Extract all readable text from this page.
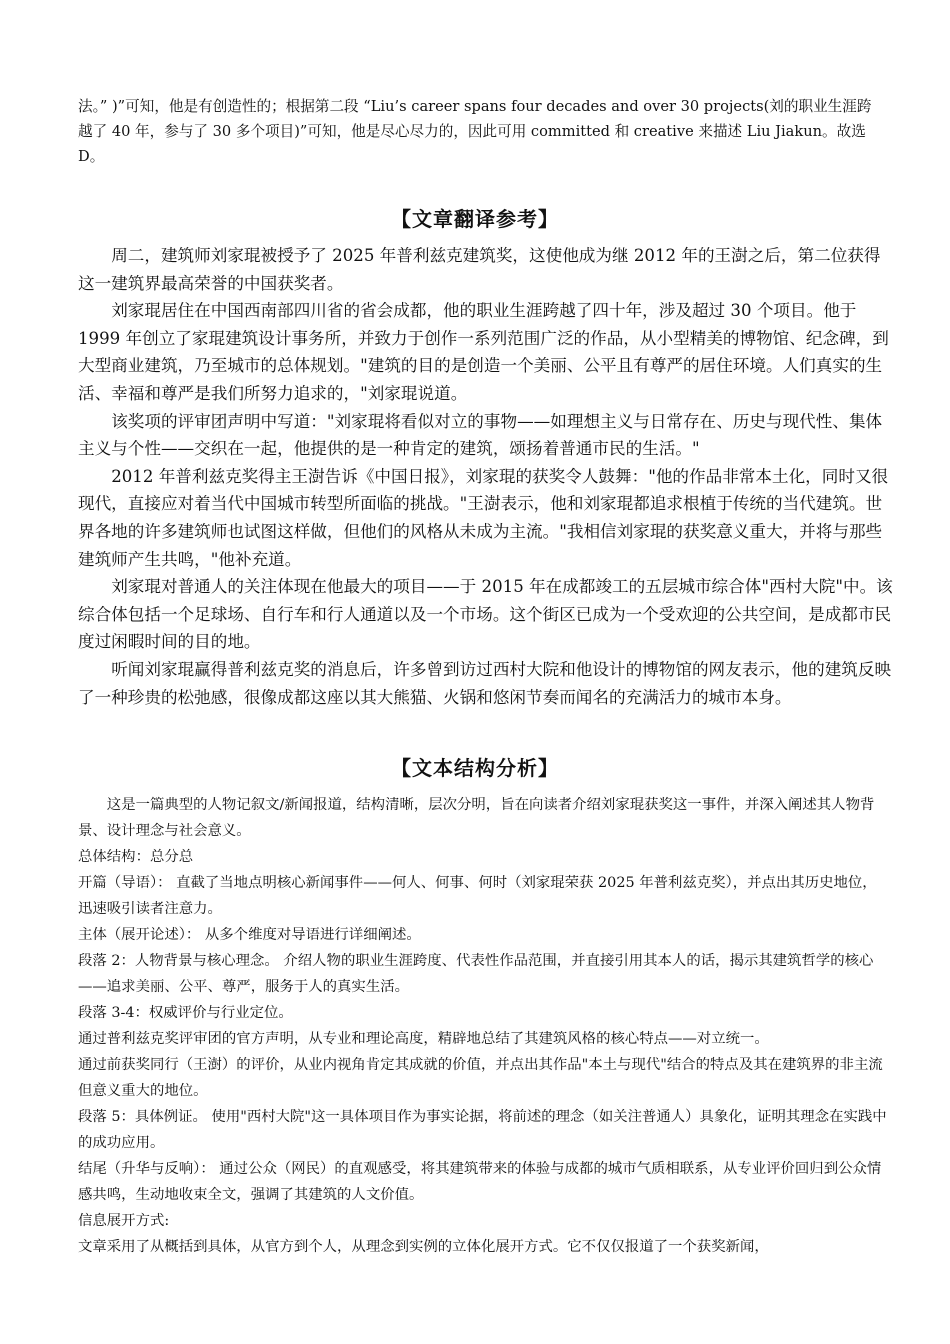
法。” )”可知，他是有创造性的；根据第二段 “Liu’s career spans four decades and over 30 projects(刘的职业生涯跨越了 40 年，参与了 30 多个项目)”可知，他是尽心尽力的，因此可用 committed 和 creative 来描述 Liu Jiakun。故选 D。
【文章翻译参考】

周二，建筑师刘家琨被授予了 2025 年普利兹克建筑奖，这使他成为继 2012 年的王澍之后，第二位获得这一建筑界最高荣誉的中国获奖者。

刘家琨居住在中国西南部四川省的省会成都，他的职业生涯跨越了四十年，涉及超过 30 个项目。他于 1999 年创立了家琨建筑设计事务所，并致力于创作一系列范围广泛的作品，从小型精美的博物馆、纪念碑，到大型商业建筑，乃至城市的总体规划。"建筑的目的是创造一个美丽、公平且有尊严的居住环境。人们真实的生活、幸福和尊严是我们所努力追求的，"刘家琨说道。

该奖项的评审团声明中写道："刘家琨将看似对立的事物——如理想主义与日常存在、历史与现代性、集体主义与个性——交织在一起，他提供的是一种肯定的建筑，颂扬着普通市民的生活。"

2012 年普利兹克奖得主王澍告诉《中国日报》，刘家琨的获奖令人鼓舞："他的作品非常本土化，同时又很现代，直接应对着当代中国城市转型所面临的挑战。"王澍表示，他和刘家琨都追求根植于传统的当代建筑。世界各地的许多建筑师也试图这样做，但他们的风格从未成为主流。"我相信刘家琨的获奖意义重大，并将与那些建筑师产生共鸣，"他补充道。

刘家琨对普通人的关注体现在他最大的项目——于 2015 年在成都竣工的五层城市综合体"西村大院"中。该综合体包括一个足球场、自行车和行人通道以及一个市场。这个街区已成为一个受欢迎的公共空间，是成都市民度过闲暇时间的目的地。

听闻刘家琨赢得普利兹克奖的消息后，许多曾到访过西村大院和他设计的博物馆的网友表示，他的建筑反映了一种珍贵的松弛感，很像成都这座以其大熊猫、火锅和悠闲节奏而闻名的充满活力的城市本身。

【文本结构分析】

这是一篇典型的人物记叙文/新闻报道，结构清晰，层次分明，旨在向读者介绍刘家琨获奖这一事件，并深入阐述其人物背景、设计理念与社会意义。

总体结构：总分总

开篇（导语）： 直截了当地点明核心新闻事件——何人、何事、何时（刘家琨荣获 2025 年普利兹克奖），并点出其历史地位，迅速吸引读者注意力。

主体（展开论述）： 从多个维度对导语进行详细阐述。

段落 2：人物背景与核心理念。 介绍人物的职业生涯跨度、代表性作品范围，并直接引用其本人的话，揭示其建筑哲学的核心——追求美丽、公平、尊严，服务于人的真实生活。

段落 3-4：权威评价与行业定位。

通过普利兹克奖评审团的官方声明，从专业和理论高度，精辟地总结了其建筑风格的核心特点——对立统一。

通过前获奖同行（王澍）的评价，从业内视角肯定其成就的价值，并点出其作品"本土与现代"结合的特点及其在建筑界的非主流但意义重大的地位。

段落 5：具体例证。 使用"西村大院"这一具体项目作为事实论据，将前述的理念（如关注普通人）具象化，证明其理念在实践中的成功应用。

结尾（升华与反响）： 通过公众（网民）的直观感受，将其建筑带来的体验与成都的城市气质相联系，从专业评价回归到公众情感共鸣，生动地收束全文，强调了其建筑的人文价值。

信息展开方式:

文章采用了从概括到具体，从官方到个人，从理念到实例的立体化展开方式。它不仅仅报道了一个获奖新闻，
